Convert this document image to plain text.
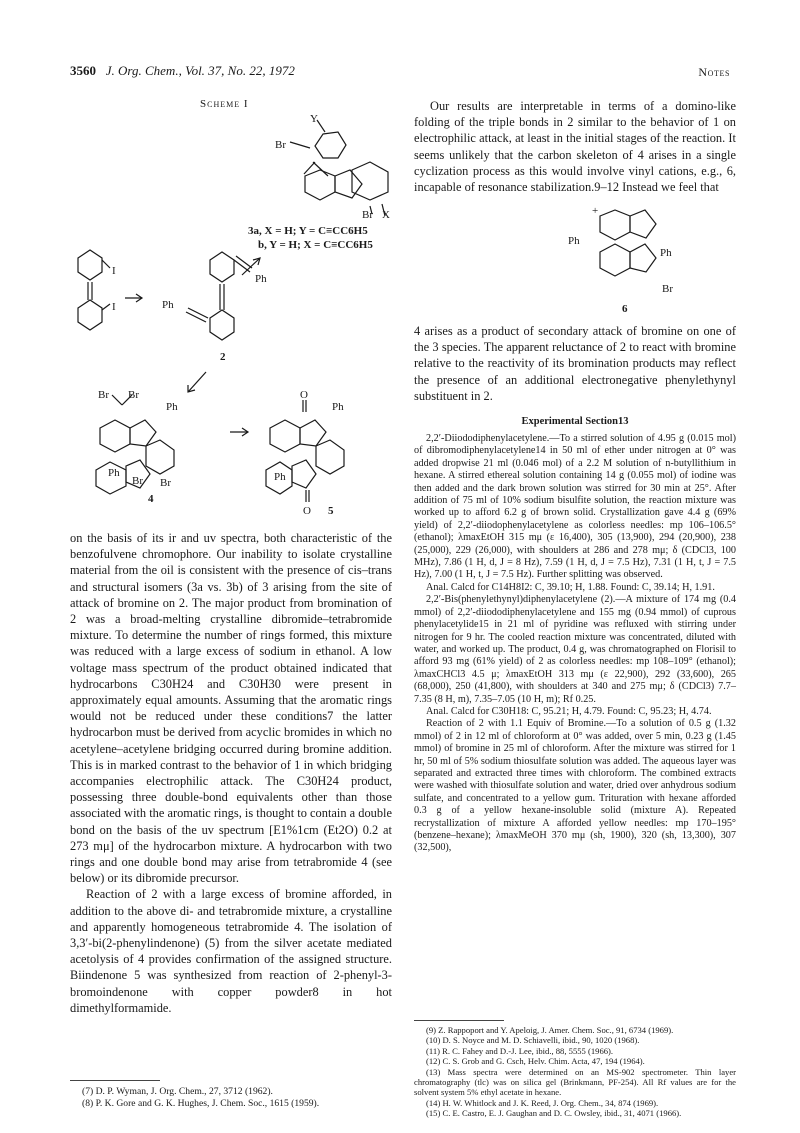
3560 J. Org. Chem., Vol. 37, No. 22, 1972	Notes
Scheme I
Y
Br
Br X
3a, X = H; Y = C≡CC6H5
b, Y = H; X = C≡CC6H5
I
I
Ph
Ph
2
Br Br
Ph
Ph
Br Br
4
O
Ph
Ph
O 5

on the basis of its ir and uv spectra, both characteristic of the benzofulvene chromophore. Our inability to isolate crystalline material from the oil is consistent with the presence of cis–trans and structural isomers (3a vs. 3b) of 3 arising from the site of attack of bromine on 2. The major product from bromination of 2 was a broad-melting crystalline dibromide–tetrabromide mixture. To determine the number of rings formed, this mixture was reduced with a large excess of sodium in ethanol. A low voltage mass spectrum of the product obtained indicated that hydrocarbons C30H24 and C30H30 were present in approximately equal amounts. Assuming that the aromatic rings would not be reduced under these conditions7 the latter hydrocarbon must be derived from acyclic bromides in which no acetylene–acetylene bridging occurred during bromine addition. This is in marked contrast to the behavior of 1 in which bridging accompanies electrophilic attack. The C30H24 product, possessing three double-bond equivalents other than those associated with the aromatic rings, is thought to contain a double bond on the basis of the uv spectrum [E1%1cm (Et2O) 0.2 at 273 mμ] of the hydrocarbon mixture. A hydrocarbon with two rings and one double bond may arise from tetrabromide 4 (see below) or its dibromide precursor.

Reaction of 2 with a large excess of bromine afforded, in addition to the above di- and tetrabromide mixture, a crystalline and apparently homogeneous tetrabromide 4. The isolation of 3,3′-bi(2-phenylindenone) (5) from the silver acetate mediated acetolysis of 4 provides confirmation of the assigned structure. Biindenone 5 was synthesized from reaction of 2-phenyl-3-bromoindenone with copper powder8 in hot dimethylformamide.

(7) D. P. Wyman, J. Org. Chem., 27, 3712 (1962).

(8) P. K. Gore and G. K. Hughes, J. Chem. Soc., 1615 (1959).

Our results are interpretable in terms of a domino-like folding of the triple bonds in 2 similar to the behavior of 1 on electrophilic attack, at least in the initial stages of the reaction. It seems unlikely that the carbon skeleton of 4 arises in a single cyclization process as this would involve vinyl cations, e.g., 6, incapable of resonance stabilization.9–12 Instead we feel that

+
Ph
Ph
Br
6

4 arises as a product of secondary attack of bromine on one of the 3 species. The apparent reluctance of 2 to react with bromine relative to the reactivity of its bromination products may reflect the presence of an additional electronegative phenylethynyl substituent in 2.

Experimental Section13

2,2′-Diiododiphenylacetylene.—To a stirred solution of 4.95 g (0.015 mol) of dibromodiphenylacetylene14 in 50 ml of ether under nitrogen at 0° was added dropwise 21 ml (0.046 mol) of a 2.2 M solution of n-butyllithium in hexane. A stirred ethereal solution containing 14 g (0.055 mol) of iodine was then added and the dark brown solution was stirred for 30 min at 25°. After addition of 75 ml of 10% sodium bisulfite solution, the reaction mixture was worked up to afford 6.2 g of brown solid. Crystallization gave 4.4 g (69% yield) of 2,2′-diiodophenylacetylene as colorless needles: mp 106–106.5° (ethanol); λmaxEtOH 315 mμ (ε 16,400), 305 (13,900), 294 (20,900), 238 (25,000), 229 (26,000), with shoulders at 286 and 278 mμ; δ (CDCl3, 100 MHz), 7.86 (1 H, d, J = 8 Hz), 7.59 (1 H, d, J = 7.5 Hz), 7.31 (1 H, t, J = 7.5 Hz), 7.00 (1 H, t, J = 7.5 Hz). Further splitting was observed.

Anal. Calcd for C14H8I2: C, 39.10; H, 1.88. Found: C, 39.14; H, 1.91.

2,2′-Bis(phenylethynyl)diphenylacetylene (2).—A mixture of 174 mg (0.4 mmol) of 2,2′-diiododiphenylacetylene and 155 mg (0.94 mmol) of cuprous phenylacetylide15 in 21 ml of pyridine was refluxed with stirring under nitrogen for 9 hr. The cooled reaction mixture was concentrated, diluted with water, and worked up. The product, 0.4 g, was chromatographed on Florisil to afford 93 mg (61% yield) of 2 as colorless needles: mp 108–109° (ethanol); λmaxCHCl3 4.5 μ; λmaxEtOH 313 mμ (ε 22,900), 292 (33,600), 265 (68,000), 250 (41,800), with shoulders at 340 and 275 mμ; δ (CDCl3) 7.7–7.35 (8 H, m), 7.35–7.05 (10 H, m); Rf 0.25.

Anal. Calcd for C30H18: C, 95.21; H, 4.79. Found: C, 95.23; H, 4.74.

Reaction of 2 with 1.1 Equiv of Bromine.—To a solution of 0.5 g (1.32 mmol) of 2 in 12 ml of chloroform at 0° was added, over 5 min, 0.23 g (1.45 mmol) of bromine in 25 ml of chloroform. After the mixture was stirred for 1 hr, 50 ml of 5% sodium thiosulfate solution was added. The aqueous layer was separated and extracted three times with chloroform. The combined extracts were washed with thiosulfate solution and water, dried over anhydrous sodium sulfate, and concentrated to a yellow gum. Trituration with hexane afforded 0.3 g of a yellow hexane-insoluble solid (mixture A). Repeated recrystallization of mixture A afforded yellow needles: mp 170–195° (benzene–hexane); λmaxMeOH 370 mμ (sh, 1900), 320 (sh, 13,300), 307 (32,500),

(9) Z. Rappoport and Y. Apeloig, J. Amer. Chem. Soc., 91, 6734 (1969).

(10) D. S. Noyce and M. D. Schiavelli, ibid., 90, 1020 (1968).

(11) R. C. Fahey and D.-J. Lee, ibid., 88, 5555 (1966).

(12) C. S. Grob and G. Csch, Helv. Chim. Acta, 47, 194 (1964).

(13) Mass spectra were determined on an MS-902 spectrometer. Thin layer chromatography (tlc) was on silica gel (Brinkmann, PF-254). All Rf values are for the solvent system 5% ethyl acetate in hexane.

(14) H. W. Whitlock and J. K. Reed, J. Org. Chem., 34, 874 (1969).

(15) C. E. Castro, E. J. Gaughan and D. C. Owsley, ibid., 31, 4071 (1966).
